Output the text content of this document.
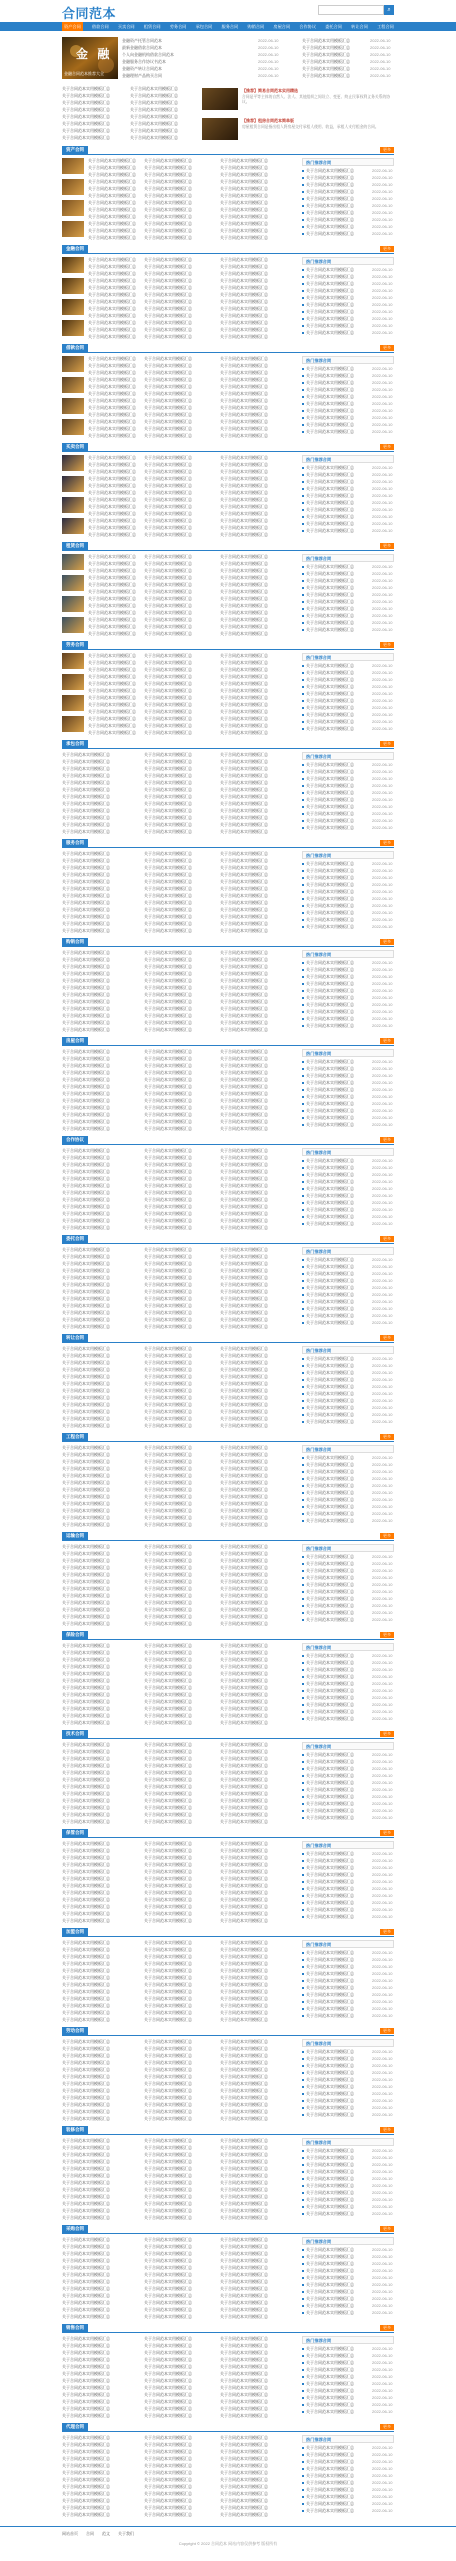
合同范本	⌕
资产合同	借款合同 买卖合同 租赁合同 劳务合同 承包合同 服务合同 购销合同 房屋合同 合作协议 委托合同 转让合同 工程合同
金 融
金融合同范本推荐大全
金融资产托管合同范本	2022-06-10	关于合同范本实用模板汇总	2022-06-10
最新金融借款合同范本	2022-06-10	关于合同范本实用模板汇总	2022-06-10
个人向金融机构借款合同范本	2022-06-10	关于合同范本实用模板汇总	2022-06-10
金融服务合作协议书范本	2022-06-10	关于合同范本实用模板汇总	2022-06-10
金融资产转让合同范本	2022-06-10	关于合同范本实用模板汇总	2022-06-10
金融理财产品购买合同	2022-06-10	关于合同范本实用模板汇总	2022-06-10
【推荐】简易合同范本实用精选
合同是平等主体的自然人、法人、其他组织之间设立、变更、终止民事权利义务关系的协议。
【推荐】租房合同范本简单版
房屋租赁合同是指出租人将房屋交付承租人使用、收益，承租人支付租金的合同。
资产合同	更多
关于合同范本实用模板汇总	关于合同范本实用模板汇总	关于合同范本实用模板汇总
关于合同范本实用模板汇总	关于合同范本实用模板汇总	关于合同范本实用模板汇总
关于合同范本实用模板汇总	关于合同范本实用模板汇总	关于合同范本实用模板汇总
关于合同范本实用模板汇总	关于合同范本实用模板汇总	关于合同范本实用模板汇总
关于合同范本实用模板汇总	关于合同范本实用模板汇总	关于合同范本实用模板汇总
关于合同范本实用模板汇总	关于合同范本实用模板汇总	关于合同范本实用模板汇总
关于合同范本实用模板汇总	关于合同范本实用模板汇总	关于合同范本实用模板汇总
关于合同范本实用模板汇总	关于合同范本实用模板汇总	关于合同范本实用模板汇总
关于合同范本实用模板汇总	关于合同范本实用模板汇总	关于合同范本实用模板汇总
关于合同范本实用模板汇总	关于合同范本实用模板汇总	关于合同范本实用模板汇总
关于合同范本实用模板汇总	关于合同范本实用模板汇总	关于合同范本实用模板汇总
关于合同范本实用模板汇总	关于合同范本实用模板汇总	关于合同范本实用模板汇总
热门推荐合同
关于合同范本实用模板汇总	2022-06-10
关于合同范本实用模板汇总	2022-06-10
关于合同范本实用模板汇总	2022-06-10
关于合同范本实用模板汇总	2022-06-10
关于合同范本实用模板汇总	2022-06-10
关于合同范本实用模板汇总	2022-06-10
关于合同范本实用模板汇总	2022-06-10
关于合同范本实用模板汇总	2022-06-10
关于合同范本实用模板汇总	2022-06-10
关于合同范本实用模板汇总	2022-06-10
金融合同	更多
关于合同范本实用模板汇总	关于合同范本实用模板汇总	关于合同范本实用模板汇总
关于合同范本实用模板汇总	关于合同范本实用模板汇总	关于合同范本实用模板汇总
关于合同范本实用模板汇总	关于合同范本实用模板汇总	关于合同范本实用模板汇总
关于合同范本实用模板汇总	关于合同范本实用模板汇总	关于合同范本实用模板汇总
关于合同范本实用模板汇总	关于合同范本实用模板汇总	关于合同范本实用模板汇总
关于合同范本实用模板汇总	关于合同范本实用模板汇总	关于合同范本实用模板汇总
关于合同范本实用模板汇总	关于合同范本实用模板汇总	关于合同范本实用模板汇总
关于合同范本实用模板汇总	关于合同范本实用模板汇总	关于合同范本实用模板汇总
关于合同范本实用模板汇总	关于合同范本实用模板汇总	关于合同范本实用模板汇总
关于合同范本实用模板汇总	关于合同范本实用模板汇总	关于合同范本实用模板汇总
关于合同范本实用模板汇总	关于合同范本实用模板汇总	关于合同范本实用模板汇总
关于合同范本实用模板汇总	关于合同范本实用模板汇总	关于合同范本实用模板汇总
热门推荐合同
关于合同范本实用模板汇总	2022-06-10
关于合同范本实用模板汇总	2022-06-10
关于合同范本实用模板汇总	2022-06-10
关于合同范本实用模板汇总	2022-06-10
关于合同范本实用模板汇总	2022-06-10
关于合同范本实用模板汇总	2022-06-10
关于合同范本实用模板汇总	2022-06-10
关于合同范本实用模板汇总	2022-06-10
关于合同范本实用模板汇总	2022-06-10
关于合同范本实用模板汇总	2022-06-10
借款合同	更多
关于合同范本实用模板汇总	关于合同范本实用模板汇总	关于合同范本实用模板汇总
关于合同范本实用模板汇总	关于合同范本实用模板汇总	关于合同范本实用模板汇总
关于合同范本实用模板汇总	关于合同范本实用模板汇总	关于合同范本实用模板汇总
关于合同范本实用模板汇总	关于合同范本实用模板汇总	关于合同范本实用模板汇总
关于合同范本实用模板汇总	关于合同范本实用模板汇总	关于合同范本实用模板汇总
关于合同范本实用模板汇总	关于合同范本实用模板汇总	关于合同范本实用模板汇总
关于合同范本实用模板汇总	关于合同范本实用模板汇总	关于合同范本实用模板汇总
关于合同范本实用模板汇总	关于合同范本实用模板汇总	关于合同范本实用模板汇总
关于合同范本实用模板汇总	关于合同范本实用模板汇总	关于合同范本实用模板汇总
关于合同范本实用模板汇总	关于合同范本实用模板汇总	关于合同范本实用模板汇总
关于合同范本实用模板汇总	关于合同范本实用模板汇总	关于合同范本实用模板汇总
关于合同范本实用模板汇总	关于合同范本实用模板汇总	关于合同范本实用模板汇总
热门推荐合同
关于合同范本实用模板汇总	2022-06-10
关于合同范本实用模板汇总	2022-06-10
关于合同范本实用模板汇总	2022-06-10
关于合同范本实用模板汇总	2022-06-10
关于合同范本实用模板汇总	2022-06-10
关于合同范本实用模板汇总	2022-06-10
关于合同范本实用模板汇总	2022-06-10
关于合同范本实用模板汇总	2022-06-10
关于合同范本实用模板汇总	2022-06-10
关于合同范本实用模板汇总	2022-06-10
买卖合同	更多
关于合同范本实用模板汇总	关于合同范本实用模板汇总	关于合同范本实用模板汇总
关于合同范本实用模板汇总	关于合同范本实用模板汇总	关于合同范本实用模板汇总
关于合同范本实用模板汇总	关于合同范本实用模板汇总	关于合同范本实用模板汇总
关于合同范本实用模板汇总	关于合同范本实用模板汇总	关于合同范本实用模板汇总
关于合同范本实用模板汇总	关于合同范本实用模板汇总	关于合同范本实用模板汇总
关于合同范本实用模板汇总	关于合同范本实用模板汇总	关于合同范本实用模板汇总
关于合同范本实用模板汇总	关于合同范本实用模板汇总	关于合同范本实用模板汇总
关于合同范本实用模板汇总	关于合同范本实用模板汇总	关于合同范本实用模板汇总
关于合同范本实用模板汇总	关于合同范本实用模板汇总	关于合同范本实用模板汇总
关于合同范本实用模板汇总	关于合同范本实用模板汇总	关于合同范本实用模板汇总
关于合同范本实用模板汇总	关于合同范本实用模板汇总	关于合同范本实用模板汇总
关于合同范本实用模板汇总	关于合同范本实用模板汇总	关于合同范本实用模板汇总
热门推荐合同
关于合同范本实用模板汇总	2022-06-10
关于合同范本实用模板汇总	2022-06-10
关于合同范本实用模板汇总	2022-06-10
关于合同范本实用模板汇总	2022-06-10
关于合同范本实用模板汇总	2022-06-10
关于合同范本实用模板汇总	2022-06-10
关于合同范本实用模板汇总	2022-06-10
关于合同范本实用模板汇总	2022-06-10
关于合同范本实用模板汇总	2022-06-10
关于合同范本实用模板汇总	2022-06-10
租赁合同	更多
关于合同范本实用模板汇总	关于合同范本实用模板汇总	关于合同范本实用模板汇总
关于合同范本实用模板汇总	关于合同范本实用模板汇总	关于合同范本实用模板汇总
关于合同范本实用模板汇总	关于合同范本实用模板汇总	关于合同范本实用模板汇总
关于合同范本实用模板汇总	关于合同范本实用模板汇总	关于合同范本实用模板汇总
关于合同范本实用模板汇总	关于合同范本实用模板汇总	关于合同范本实用模板汇总
关于合同范本实用模板汇总	关于合同范本实用模板汇总	关于合同范本实用模板汇总
关于合同范本实用模板汇总	关于合同范本实用模板汇总	关于合同范本实用模板汇总
关于合同范本实用模板汇总	关于合同范本实用模板汇总	关于合同范本实用模板汇总
关于合同范本实用模板汇总	关于合同范本实用模板汇总	关于合同范本实用模板汇总
关于合同范本实用模板汇总	关于合同范本实用模板汇总	关于合同范本实用模板汇总
关于合同范本实用模板汇总	关于合同范本实用模板汇总	关于合同范本实用模板汇总
关于合同范本实用模板汇总	关于合同范本实用模板汇总	关于合同范本实用模板汇总
热门推荐合同
关于合同范本实用模板汇总	2022-06-10
关于合同范本实用模板汇总	2022-06-10
关于合同范本实用模板汇总	2022-06-10
关于合同范本实用模板汇总	2022-06-10
关于合同范本实用模板汇总	2022-06-10
关于合同范本实用模板汇总	2022-06-10
关于合同范本实用模板汇总	2022-06-10
关于合同范本实用模板汇总	2022-06-10
关于合同范本实用模板汇总	2022-06-10
关于合同范本实用模板汇总	2022-06-10
劳务合同	更多
关于合同范本实用模板汇总	关于合同范本实用模板汇总	关于合同范本实用模板汇总
关于合同范本实用模板汇总	关于合同范本实用模板汇总	关于合同范本实用模板汇总
关于合同范本实用模板汇总	关于合同范本实用模板汇总	关于合同范本实用模板汇总
关于合同范本实用模板汇总	关于合同范本实用模板汇总	关于合同范本实用模板汇总
关于合同范本实用模板汇总	关于合同范本实用模板汇总	关于合同范本实用模板汇总
关于合同范本实用模板汇总	关于合同范本实用模板汇总	关于合同范本实用模板汇总
关于合同范本实用模板汇总	关于合同范本实用模板汇总	关于合同范本实用模板汇总
关于合同范本实用模板汇总	关于合同范本实用模板汇总	关于合同范本实用模板汇总
关于合同范本实用模板汇总	关于合同范本实用模板汇总	关于合同范本实用模板汇总
关于合同范本实用模板汇总	关于合同范本实用模板汇总	关于合同范本实用模板汇总
关于合同范本实用模板汇总	关于合同范本实用模板汇总	关于合同范本实用模板汇总
关于合同范本实用模板汇总	关于合同范本实用模板汇总	关于合同范本实用模板汇总
热门推荐合同
关于合同范本实用模板汇总	2022-06-10
关于合同范本实用模板汇总	2022-06-10
关于合同范本实用模板汇总	2022-06-10
关于合同范本实用模板汇总	2022-06-10
关于合同范本实用模板汇总	2022-06-10
关于合同范本实用模板汇总	2022-06-10
关于合同范本实用模板汇总	2022-06-10
关于合同范本实用模板汇总	2022-06-10
关于合同范本实用模板汇总	2022-06-10
关于合同范本实用模板汇总	2022-06-10
承包合同	更多
关于合同范本实用模板汇总	关于合同范本实用模板汇总	关于合同范本实用模板汇总
关于合同范本实用模板汇总	关于合同范本实用模板汇总	关于合同范本实用模板汇总
关于合同范本实用模板汇总	关于合同范本实用模板汇总	关于合同范本实用模板汇总
关于合同范本实用模板汇总	关于合同范本实用模板汇总	关于合同范本实用模板汇总
关于合同范本实用模板汇总	关于合同范本实用模板汇总	关于合同范本实用模板汇总
关于合同范本实用模板汇总	关于合同范本实用模板汇总	关于合同范本实用模板汇总
关于合同范本实用模板汇总	关于合同范本实用模板汇总	关于合同范本实用模板汇总
关于合同范本实用模板汇总	关于合同范本实用模板汇总	关于合同范本实用模板汇总
关于合同范本实用模板汇总	关于合同范本实用模板汇总	关于合同范本实用模板汇总
关于合同范本实用模板汇总	关于合同范本实用模板汇总	关于合同范本实用模板汇总
关于合同范本实用模板汇总	关于合同范本实用模板汇总	关于合同范本实用模板汇总
关于合同范本实用模板汇总	关于合同范本实用模板汇总	关于合同范本实用模板汇总
热门推荐合同
关于合同范本实用模板汇总	2022-06-10
关于合同范本实用模板汇总	2022-06-10
关于合同范本实用模板汇总	2022-06-10
关于合同范本实用模板汇总	2022-06-10
关于合同范本实用模板汇总	2022-06-10
关于合同范本实用模板汇总	2022-06-10
关于合同范本实用模板汇总	2022-06-10
关于合同范本实用模板汇总	2022-06-10
关于合同范本实用模板汇总	2022-06-10
关于合同范本实用模板汇总	2022-06-10
服务合同	更多
关于合同范本实用模板汇总	关于合同范本实用模板汇总	关于合同范本实用模板汇总
关于合同范本实用模板汇总	关于合同范本实用模板汇总	关于合同范本实用模板汇总
关于合同范本实用模板汇总	关于合同范本实用模板汇总	关于合同范本实用模板汇总
关于合同范本实用模板汇总	关于合同范本实用模板汇总	关于合同范本实用模板汇总
关于合同范本实用模板汇总	关于合同范本实用模板汇总	关于合同范本实用模板汇总
关于合同范本实用模板汇总	关于合同范本实用模板汇总	关于合同范本实用模板汇总
关于合同范本实用模板汇总	关于合同范本实用模板汇总	关于合同范本实用模板汇总
关于合同范本实用模板汇总	关于合同范本实用模板汇总	关于合同范本实用模板汇总
关于合同范本实用模板汇总	关于合同范本实用模板汇总	关于合同范本实用模板汇总
关于合同范本实用模板汇总	关于合同范本实用模板汇总	关于合同范本实用模板汇总
关于合同范本实用模板汇总	关于合同范本实用模板汇总	关于合同范本实用模板汇总
关于合同范本实用模板汇总	关于合同范本实用模板汇总	关于合同范本实用模板汇总
热门推荐合同
关于合同范本实用模板汇总	2022-06-10
关于合同范本实用模板汇总	2022-06-10
关于合同范本实用模板汇总	2022-06-10
关于合同范本实用模板汇总	2022-06-10
关于合同范本实用模板汇总	2022-06-10
关于合同范本实用模板汇总	2022-06-10
关于合同范本实用模板汇总	2022-06-10
关于合同范本实用模板汇总	2022-06-10
关于合同范本实用模板汇总	2022-06-10
关于合同范本实用模板汇总	2022-06-10
购销合同	更多
关于合同范本实用模板汇总	关于合同范本实用模板汇总	关于合同范本实用模板汇总
关于合同范本实用模板汇总	关于合同范本实用模板汇总	关于合同范本实用模板汇总
关于合同范本实用模板汇总	关于合同范本实用模板汇总	关于合同范本实用模板汇总
关于合同范本实用模板汇总	关于合同范本实用模板汇总	关于合同范本实用模板汇总
关于合同范本实用模板汇总	关于合同范本实用模板汇总	关于合同范本实用模板汇总
关于合同范本实用模板汇总	关于合同范本实用模板汇总	关于合同范本实用模板汇总
关于合同范本实用模板汇总	关于合同范本实用模板汇总	关于合同范本实用模板汇总
关于合同范本实用模板汇总	关于合同范本实用模板汇总	关于合同范本实用模板汇总
关于合同范本实用模板汇总	关于合同范本实用模板汇总	关于合同范本实用模板汇总
关于合同范本实用模板汇总	关于合同范本实用模板汇总	关于合同范本实用模板汇总
关于合同范本实用模板汇总	关于合同范本实用模板汇总	关于合同范本实用模板汇总
关于合同范本实用模板汇总	关于合同范本实用模板汇总	关于合同范本实用模板汇总
热门推荐合同
关于合同范本实用模板汇总	2022-06-10
关于合同范本实用模板汇总	2022-06-10
关于合同范本实用模板汇总	2022-06-10
关于合同范本实用模板汇总	2022-06-10
关于合同范本实用模板汇总	2022-06-10
关于合同范本实用模板汇总	2022-06-10
关于合同范本实用模板汇总	2022-06-10
关于合同范本实用模板汇总	2022-06-10
关于合同范本实用模板汇总	2022-06-10
关于合同范本实用模板汇总	2022-06-10
房屋合同	更多
关于合同范本实用模板汇总	关于合同范本实用模板汇总	关于合同范本实用模板汇总
关于合同范本实用模板汇总	关于合同范本实用模板汇总	关于合同范本实用模板汇总
关于合同范本实用模板汇总	关于合同范本实用模板汇总	关于合同范本实用模板汇总
关于合同范本实用模板汇总	关于合同范本实用模板汇总	关于合同范本实用模板汇总
关于合同范本实用模板汇总	关于合同范本实用模板汇总	关于合同范本实用模板汇总
关于合同范本实用模板汇总	关于合同范本实用模板汇总	关于合同范本实用模板汇总
关于合同范本实用模板汇总	关于合同范本实用模板汇总	关于合同范本实用模板汇总
关于合同范本实用模板汇总	关于合同范本实用模板汇总	关于合同范本实用模板汇总
关于合同范本实用模板汇总	关于合同范本实用模板汇总	关于合同范本实用模板汇总
关于合同范本实用模板汇总	关于合同范本实用模板汇总	关于合同范本实用模板汇总
关于合同范本实用模板汇总	关于合同范本实用模板汇总	关于合同范本实用模板汇总
关于合同范本实用模板汇总	关于合同范本实用模板汇总	关于合同范本实用模板汇总
热门推荐合同
关于合同范本实用模板汇总	2022-06-10
关于合同范本实用模板汇总	2022-06-10
关于合同范本实用模板汇总	2022-06-10
关于合同范本实用模板汇总	2022-06-10
关于合同范本实用模板汇总	2022-06-10
关于合同范本实用模板汇总	2022-06-10
关于合同范本实用模板汇总	2022-06-10
关于合同范本实用模板汇总	2022-06-10
关于合同范本实用模板汇总	2022-06-10
关于合同范本实用模板汇总	2022-06-10
合作协议	更多
关于合同范本实用模板汇总	关于合同范本实用模板汇总	关于合同范本实用模板汇总
关于合同范本实用模板汇总	关于合同范本实用模板汇总	关于合同范本实用模板汇总
关于合同范本实用模板汇总	关于合同范本实用模板汇总	关于合同范本实用模板汇总
关于合同范本实用模板汇总	关于合同范本实用模板汇总	关于合同范本实用模板汇总
关于合同范本实用模板汇总	关于合同范本实用模板汇总	关于合同范本实用模板汇总
关于合同范本实用模板汇总	关于合同范本实用模板汇总	关于合同范本实用模板汇总
关于合同范本实用模板汇总	关于合同范本实用模板汇总	关于合同范本实用模板汇总
关于合同范本实用模板汇总	关于合同范本实用模板汇总	关于合同范本实用模板汇总
关于合同范本实用模板汇总	关于合同范本实用模板汇总	关于合同范本实用模板汇总
关于合同范本实用模板汇总	关于合同范本实用模板汇总	关于合同范本实用模板汇总
关于合同范本实用模板汇总	关于合同范本实用模板汇总	关于合同范本实用模板汇总
关于合同范本实用模板汇总	关于合同范本实用模板汇总	关于合同范本实用模板汇总
热门推荐合同
关于合同范本实用模板汇总	2022-06-10
关于合同范本实用模板汇总	2022-06-10
关于合同范本实用模板汇总	2022-06-10
关于合同范本实用模板汇总	2022-06-10
关于合同范本实用模板汇总	2022-06-10
关于合同范本实用模板汇总	2022-06-10
关于合同范本实用模板汇总	2022-06-10
关于合同范本实用模板汇总	2022-06-10
关于合同范本实用模板汇总	2022-06-10
关于合同范本实用模板汇总	2022-06-10
委托合同	更多
关于合同范本实用模板汇总	关于合同范本实用模板汇总	关于合同范本实用模板汇总
关于合同范本实用模板汇总	关于合同范本实用模板汇总	关于合同范本实用模板汇总
关于合同范本实用模板汇总	关于合同范本实用模板汇总	关于合同范本实用模板汇总
关于合同范本实用模板汇总	关于合同范本实用模板汇总	关于合同范本实用模板汇总
关于合同范本实用模板汇总	关于合同范本实用模板汇总	关于合同范本实用模板汇总
关于合同范本实用模板汇总	关于合同范本实用模板汇总	关于合同范本实用模板汇总
关于合同范本实用模板汇总	关于合同范本实用模板汇总	关于合同范本实用模板汇总
关于合同范本实用模板汇总	关于合同范本实用模板汇总	关于合同范本实用模板汇总
关于合同范本实用模板汇总	关于合同范本实用模板汇总	关于合同范本实用模板汇总
关于合同范本实用模板汇总	关于合同范本实用模板汇总	关于合同范本实用模板汇总
关于合同范本实用模板汇总	关于合同范本实用模板汇总	关于合同范本实用模板汇总
关于合同范本实用模板汇总	关于合同范本实用模板汇总	关于合同范本实用模板汇总
热门推荐合同
关于合同范本实用模板汇总	2022-06-10
关于合同范本实用模板汇总	2022-06-10
关于合同范本实用模板汇总	2022-06-10
关于合同范本实用模板汇总	2022-06-10
关于合同范本实用模板汇总	2022-06-10
关于合同范本实用模板汇总	2022-06-10
关于合同范本实用模板汇总	2022-06-10
关于合同范本实用模板汇总	2022-06-10
关于合同范本实用模板汇总	2022-06-10
关于合同范本实用模板汇总	2022-06-10
转让合同	更多
关于合同范本实用模板汇总	关于合同范本实用模板汇总	关于合同范本实用模板汇总
关于合同范本实用模板汇总	关于合同范本实用模板汇总	关于合同范本实用模板汇总
关于合同范本实用模板汇总	关于合同范本实用模板汇总	关于合同范本实用模板汇总
关于合同范本实用模板汇总	关于合同范本实用模板汇总	关于合同范本实用模板汇总
关于合同范本实用模板汇总	关于合同范本实用模板汇总	关于合同范本实用模板汇总
关于合同范本实用模板汇总	关于合同范本实用模板汇总	关于合同范本实用模板汇总
关于合同范本实用模板汇总	关于合同范本实用模板汇总	关于合同范本实用模板汇总
关于合同范本实用模板汇总	关于合同范本实用模板汇总	关于合同范本实用模板汇总
关于合同范本实用模板汇总	关于合同范本实用模板汇总	关于合同范本实用模板汇总
关于合同范本实用模板汇总	关于合同范本实用模板汇总	关于合同范本实用模板汇总
关于合同范本实用模板汇总	关于合同范本实用模板汇总	关于合同范本实用模板汇总
关于合同范本实用模板汇总	关于合同范本实用模板汇总	关于合同范本实用模板汇总
热门推荐合同
关于合同范本实用模板汇总	2022-06-10
关于合同范本实用模板汇总	2022-06-10
关于合同范本实用模板汇总	2022-06-10
关于合同范本实用模板汇总	2022-06-10
关于合同范本实用模板汇总	2022-06-10
关于合同范本实用模板汇总	2022-06-10
关于合同范本实用模板汇总	2022-06-10
关于合同范本实用模板汇总	2022-06-10
关于合同范本实用模板汇总	2022-06-10
关于合同范本实用模板汇总	2022-06-10
工程合同	更多
关于合同范本实用模板汇总	关于合同范本实用模板汇总	关于合同范本实用模板汇总
关于合同范本实用模板汇总	关于合同范本实用模板汇总	关于合同范本实用模板汇总
关于合同范本实用模板汇总	关于合同范本实用模板汇总	关于合同范本实用模板汇总
关于合同范本实用模板汇总	关于合同范本实用模板汇总	关于合同范本实用模板汇总
关于合同范本实用模板汇总	关于合同范本实用模板汇总	关于合同范本实用模板汇总
关于合同范本实用模板汇总	关于合同范本实用模板汇总	关于合同范本实用模板汇总
关于合同范本实用模板汇总	关于合同范本实用模板汇总	关于合同范本实用模板汇总
关于合同范本实用模板汇总	关于合同范本实用模板汇总	关于合同范本实用模板汇总
关于合同范本实用模板汇总	关于合同范本实用模板汇总	关于合同范本实用模板汇总
关于合同范本实用模板汇总	关于合同范本实用模板汇总	关于合同范本实用模板汇总
关于合同范本实用模板汇总	关于合同范本实用模板汇总	关于合同范本实用模板汇总
关于合同范本实用模板汇总	关于合同范本实用模板汇总	关于合同范本实用模板汇总
热门推荐合同
关于合同范本实用模板汇总	2022-06-10
关于合同范本实用模板汇总	2022-06-10
关于合同范本实用模板汇总	2022-06-10
关于合同范本实用模板汇总	2022-06-10
关于合同范本实用模板汇总	2022-06-10
关于合同范本实用模板汇总	2022-06-10
关于合同范本实用模板汇总	2022-06-10
关于合同范本实用模板汇总	2022-06-10
关于合同范本实用模板汇总	2022-06-10
关于合同范本实用模板汇总	2022-06-10
运输合同	更多
关于合同范本实用模板汇总	关于合同范本实用模板汇总	关于合同范本实用模板汇总
关于合同范本实用模板汇总	关于合同范本实用模板汇总	关于合同范本实用模板汇总
关于合同范本实用模板汇总	关于合同范本实用模板汇总	关于合同范本实用模板汇总
关于合同范本实用模板汇总	关于合同范本实用模板汇总	关于合同范本实用模板汇总
关于合同范本实用模板汇总	关于合同范本实用模板汇总	关于合同范本实用模板汇总
关于合同范本实用模板汇总	关于合同范本实用模板汇总	关于合同范本实用模板汇总
关于合同范本实用模板汇总	关于合同范本实用模板汇总	关于合同范本实用模板汇总
关于合同范本实用模板汇总	关于合同范本实用模板汇总	关于合同范本实用模板汇总
关于合同范本实用模板汇总	关于合同范本实用模板汇总	关于合同范本实用模板汇总
关于合同范本实用模板汇总	关于合同范本实用模板汇总	关于合同范本实用模板汇总
关于合同范本实用模板汇总	关于合同范本实用模板汇总	关于合同范本实用模板汇总
关于合同范本实用模板汇总	关于合同范本实用模板汇总	关于合同范本实用模板汇总
热门推荐合同
关于合同范本实用模板汇总	2022-06-10
关于合同范本实用模板汇总	2022-06-10
关于合同范本实用模板汇总	2022-06-10
关于合同范本实用模板汇总	2022-06-10
关于合同范本实用模板汇总	2022-06-10
关于合同范本实用模板汇总	2022-06-10
关于合同范本实用模板汇总	2022-06-10
关于合同范本实用模板汇总	2022-06-10
关于合同范本实用模板汇总	2022-06-10
关于合同范本实用模板汇总	2022-06-10
保险合同	更多
关于合同范本实用模板汇总	关于合同范本实用模板汇总	关于合同范本实用模板汇总
关于合同范本实用模板汇总	关于合同范本实用模板汇总	关于合同范本实用模板汇总
关于合同范本实用模板汇总	关于合同范本实用模板汇总	关于合同范本实用模板汇总
关于合同范本实用模板汇总	关于合同范本实用模板汇总	关于合同范本实用模板汇总
关于合同范本实用模板汇总	关于合同范本实用模板汇总	关于合同范本实用模板汇总
关于合同范本实用模板汇总	关于合同范本实用模板汇总	关于合同范本实用模板汇总
关于合同范本实用模板汇总	关于合同范本实用模板汇总	关于合同范本实用模板汇总
关于合同范本实用模板汇总	关于合同范本实用模板汇总	关于合同范本实用模板汇总
关于合同范本实用模板汇总	关于合同范本实用模板汇总	关于合同范本实用模板汇总
关于合同范本实用模板汇总	关于合同范本实用模板汇总	关于合同范本实用模板汇总
关于合同范本实用模板汇总	关于合同范本实用模板汇总	关于合同范本实用模板汇总
关于合同范本实用模板汇总	关于合同范本实用模板汇总	关于合同范本实用模板汇总
热门推荐合同
关于合同范本实用模板汇总	2022-06-10
关于合同范本实用模板汇总	2022-06-10
关于合同范本实用模板汇总	2022-06-10
关于合同范本实用模板汇总	2022-06-10
关于合同范本实用模板汇总	2022-06-10
关于合同范本实用模板汇总	2022-06-10
关于合同范本实用模板汇总	2022-06-10
关于合同范本实用模板汇总	2022-06-10
关于合同范本实用模板汇总	2022-06-10
关于合同范本实用模板汇总	2022-06-10
技术合同	更多
关于合同范本实用模板汇总	关于合同范本实用模板汇总	关于合同范本实用模板汇总
关于合同范本实用模板汇总	关于合同范本实用模板汇总	关于合同范本实用模板汇总
关于合同范本实用模板汇总	关于合同范本实用模板汇总	关于合同范本实用模板汇总
关于合同范本实用模板汇总	关于合同范本实用模板汇总	关于合同范本实用模板汇总
关于合同范本实用模板汇总	关于合同范本实用模板汇总	关于合同范本实用模板汇总
关于合同范本实用模板汇总	关于合同范本实用模板汇总	关于合同范本实用模板汇总
关于合同范本实用模板汇总	关于合同范本实用模板汇总	关于合同范本实用模板汇总
关于合同范本实用模板汇总	关于合同范本实用模板汇总	关于合同范本实用模板汇总
关于合同范本实用模板汇总	关于合同范本实用模板汇总	关于合同范本实用模板汇总
关于合同范本实用模板汇总	关于合同范本实用模板汇总	关于合同范本实用模板汇总
关于合同范本实用模板汇总	关于合同范本实用模板汇总	关于合同范本实用模板汇总
关于合同范本实用模板汇总	关于合同范本实用模板汇总	关于合同范本实用模板汇总
热门推荐合同
关于合同范本实用模板汇总	2022-06-10
关于合同范本实用模板汇总	2022-06-10
关于合同范本实用模板汇总	2022-06-10
关于合同范本实用模板汇总	2022-06-10
关于合同范本实用模板汇总	2022-06-10
关于合同范本实用模板汇总	2022-06-10
关于合同范本实用模板汇总	2022-06-10
关于合同范本实用模板汇总	2022-06-10
关于合同范本实用模板汇总	2022-06-10
关于合同范本实用模板汇总	2022-06-10
保管合同	更多
关于合同范本实用模板汇总	关于合同范本实用模板汇总	关于合同范本实用模板汇总
关于合同范本实用模板汇总	关于合同范本实用模板汇总	关于合同范本实用模板汇总
关于合同范本实用模板汇总	关于合同范本实用模板汇总	关于合同范本实用模板汇总
关于合同范本实用模板汇总	关于合同范本实用模板汇总	关于合同范本实用模板汇总
关于合同范本实用模板汇总	关于合同范本实用模板汇总	关于合同范本实用模板汇总
关于合同范本实用模板汇总	关于合同范本实用模板汇总	关于合同范本实用模板汇总
关于合同范本实用模板汇总	关于合同范本实用模板汇总	关于合同范本实用模板汇总
关于合同范本实用模板汇总	关于合同范本实用模板汇总	关于合同范本实用模板汇总
关于合同范本实用模板汇总	关于合同范本实用模板汇总	关于合同范本实用模板汇总
关于合同范本实用模板汇总	关于合同范本实用模板汇总	关于合同范本实用模板汇总
关于合同范本实用模板汇总	关于合同范本实用模板汇总	关于合同范本实用模板汇总
关于合同范本实用模板汇总	关于合同范本实用模板汇总	关于合同范本实用模板汇总
热门推荐合同
关于合同范本实用模板汇总	2022-06-10
关于合同范本实用模板汇总	2022-06-10
关于合同范本实用模板汇总	2022-06-10
关于合同范本实用模板汇总	2022-06-10
关于合同范本实用模板汇总	2022-06-10
关于合同范本实用模板汇总	2022-06-10
关于合同范本实用模板汇总	2022-06-10
关于合同范本实用模板汇总	2022-06-10
关于合同范本实用模板汇总	2022-06-10
关于合同范本实用模板汇总	2022-06-10
加盟合同	更多
关于合同范本实用模板汇总	关于合同范本实用模板汇总	关于合同范本实用模板汇总
关于合同范本实用模板汇总	关于合同范本实用模板汇总	关于合同范本实用模板汇总
关于合同范本实用模板汇总	关于合同范本实用模板汇总	关于合同范本实用模板汇总
关于合同范本实用模板汇总	关于合同范本实用模板汇总	关于合同范本实用模板汇总
关于合同范本实用模板汇总	关于合同范本实用模板汇总	关于合同范本实用模板汇总
关于合同范本实用模板汇总	关于合同范本实用模板汇总	关于合同范本实用模板汇总
关于合同范本实用模板汇总	关于合同范本实用模板汇总	关于合同范本实用模板汇总
关于合同范本实用模板汇总	关于合同范本实用模板汇总	关于合同范本实用模板汇总
关于合同范本实用模板汇总	关于合同范本实用模板汇总	关于合同范本实用模板汇总
关于合同范本实用模板汇总	关于合同范本实用模板汇总	关于合同范本实用模板汇总
关于合同范本实用模板汇总	关于合同范本实用模板汇总	关于合同范本实用模板汇总
关于合同范本实用模板汇总	关于合同范本实用模板汇总	关于合同范本实用模板汇总
热门推荐合同
关于合同范本实用模板汇总	2022-06-10
关于合同范本实用模板汇总	2022-06-10
关于合同范本实用模板汇总	2022-06-10
关于合同范本实用模板汇总	2022-06-10
关于合同范本实用模板汇总	2022-06-10
关于合同范本实用模板汇总	2022-06-10
关于合同范本实用模板汇总	2022-06-10
关于合同范本实用模板汇总	2022-06-10
关于合同范本实用模板汇总	2022-06-10
关于合同范本实用模板汇总	2022-06-10
劳动合同	更多
关于合同范本实用模板汇总	关于合同范本实用模板汇总	关于合同范本实用模板汇总
关于合同范本实用模板汇总	关于合同范本实用模板汇总	关于合同范本实用模板汇总
关于合同范本实用模板汇总	关于合同范本实用模板汇总	关于合同范本实用模板汇总
关于合同范本实用模板汇总	关于合同范本实用模板汇总	关于合同范本实用模板汇总
关于合同范本实用模板汇总	关于合同范本实用模板汇总	关于合同范本实用模板汇总
关于合同范本实用模板汇总	关于合同范本实用模板汇总	关于合同范本实用模板汇总
关于合同范本实用模板汇总	关于合同范本实用模板汇总	关于合同范本实用模板汇总
关于合同范本实用模板汇总	关于合同范本实用模板汇总	关于合同范本实用模板汇总
关于合同范本实用模板汇总	关于合同范本实用模板汇总	关于合同范本实用模板汇总
关于合同范本实用模板汇总	关于合同范本实用模板汇总	关于合同范本实用模板汇总
关于合同范本实用模板汇总	关于合同范本实用模板汇总	关于合同范本实用模板汇总
关于合同范本实用模板汇总	关于合同范本实用模板汇总	关于合同范本实用模板汇总
热门推荐合同
关于合同范本实用模板汇总	2022-06-10
关于合同范本实用模板汇总	2022-06-10
关于合同范本实用模板汇总	2022-06-10
关于合同范本实用模板汇总	2022-06-10
关于合同范本实用模板汇总	2022-06-10
关于合同范本实用模板汇总	2022-06-10
关于合同范本实用模板汇总	2022-06-10
关于合同范本实用模板汇总	2022-06-10
关于合同范本实用模板汇总	2022-06-10
关于合同范本实用模板汇总	2022-06-10
装修合同	更多
关于合同范本实用模板汇总	关于合同范本实用模板汇总	关于合同范本实用模板汇总
关于合同范本实用模板汇总	关于合同范本实用模板汇总	关于合同范本实用模板汇总
关于合同范本实用模板汇总	关于合同范本实用模板汇总	关于合同范本实用模板汇总
关于合同范本实用模板汇总	关于合同范本实用模板汇总	关于合同范本实用模板汇总
关于合同范本实用模板汇总	关于合同范本实用模板汇总	关于合同范本实用模板汇总
关于合同范本实用模板汇总	关于合同范本实用模板汇总	关于合同范本实用模板汇总
关于合同范本实用模板汇总	关于合同范本实用模板汇总	关于合同范本实用模板汇总
关于合同范本实用模板汇总	关于合同范本实用模板汇总	关于合同范本实用模板汇总
关于合同范本实用模板汇总	关于合同范本实用模板汇总	关于合同范本实用模板汇总
关于合同范本实用模板汇总	关于合同范本实用模板汇总	关于合同范本实用模板汇总
关于合同范本实用模板汇总	关于合同范本实用模板汇总	关于合同范本实用模板汇总
关于合同范本实用模板汇总	关于合同范本实用模板汇总	关于合同范本实用模板汇总
热门推荐合同
关于合同范本实用模板汇总	2022-06-10
关于合同范本实用模板汇总	2022-06-10
关于合同范本实用模板汇总	2022-06-10
关于合同范本实用模板汇总	2022-06-10
关于合同范本实用模板汇总	2022-06-10
关于合同范本实用模板汇总	2022-06-10
关于合同范本实用模板汇总	2022-06-10
关于合同范本实用模板汇总	2022-06-10
关于合同范本实用模板汇总	2022-06-10
关于合同范本实用模板汇总	2022-06-10
采购合同	更多
关于合同范本实用模板汇总	关于合同范本实用模板汇总	关于合同范本实用模板汇总
关于合同范本实用模板汇总	关于合同范本实用模板汇总	关于合同范本实用模板汇总
关于合同范本实用模板汇总	关于合同范本实用模板汇总	关于合同范本实用模板汇总
关于合同范本实用模板汇总	关于合同范本实用模板汇总	关于合同范本实用模板汇总
关于合同范本实用模板汇总	关于合同范本实用模板汇总	关于合同范本实用模板汇总
关于合同范本实用模板汇总	关于合同范本实用模板汇总	关于合同范本实用模板汇总
关于合同范本实用模板汇总	关于合同范本实用模板汇总	关于合同范本实用模板汇总
关于合同范本实用模板汇总	关于合同范本实用模板汇总	关于合同范本实用模板汇总
关于合同范本实用模板汇总	关于合同范本实用模板汇总	关于合同范本实用模板汇总
关于合同范本实用模板汇总	关于合同范本实用模板汇总	关于合同范本实用模板汇总
关于合同范本实用模板汇总	关于合同范本实用模板汇总	关于合同范本实用模板汇总
关于合同范本实用模板汇总	关于合同范本实用模板汇总	关于合同范本实用模板汇总
热门推荐合同
关于合同范本实用模板汇总	2022-06-10
关于合同范本实用模板汇总	2022-06-10
关于合同范本实用模板汇总	2022-06-10
关于合同范本实用模板汇总	2022-06-10
关于合同范本实用模板汇总	2022-06-10
关于合同范本实用模板汇总	2022-06-10
关于合同范本实用模板汇总	2022-06-10
关于合同范本实用模板汇总	2022-06-10
关于合同范本实用模板汇总	2022-06-10
关于合同范本实用模板汇总	2022-06-10
销售合同	更多
关于合同范本实用模板汇总	关于合同范本实用模板汇总	关于合同范本实用模板汇总
关于合同范本实用模板汇总	关于合同范本实用模板汇总	关于合同范本实用模板汇总
关于合同范本实用模板汇总	关于合同范本实用模板汇总	关于合同范本实用模板汇总
关于合同范本实用模板汇总	关于合同范本实用模板汇总	关于合同范本实用模板汇总
关于合同范本实用模板汇总	关于合同范本实用模板汇总	关于合同范本实用模板汇总
关于合同范本实用模板汇总	关于合同范本实用模板汇总	关于合同范本实用模板汇总
关于合同范本实用模板汇总	关于合同范本实用模板汇总	关于合同范本实用模板汇总
关于合同范本实用模板汇总	关于合同范本实用模板汇总	关于合同范本实用模板汇总
关于合同范本实用模板汇总	关于合同范本实用模板汇总	关于合同范本实用模板汇总
关于合同范本实用模板汇总	关于合同范本实用模板汇总	关于合同范本实用模板汇总
关于合同范本实用模板汇总	关于合同范本实用模板汇总	关于合同范本实用模板汇总
关于合同范本实用模板汇总	关于合同范本实用模板汇总	关于合同范本实用模板汇总
热门推荐合同
关于合同范本实用模板汇总	2022-06-10
关于合同范本实用模板汇总	2022-06-10
关于合同范本实用模板汇总	2022-06-10
关于合同范本实用模板汇总	2022-06-10
关于合同范本实用模板汇总	2022-06-10
关于合同范本实用模板汇总	2022-06-10
关于合同范本实用模板汇总	2022-06-10
关于合同范本实用模板汇总	2022-06-10
关于合同范本实用模板汇总	2022-06-10
关于合同范本实用模板汇总	2022-06-10
代理合同	更多
关于合同范本实用模板汇总	关于合同范本实用模板汇总	关于合同范本实用模板汇总
关于合同范本实用模板汇总	关于合同范本实用模板汇总	关于合同范本实用模板汇总
关于合同范本实用模板汇总	关于合同范本实用模板汇总	关于合同范本实用模板汇总
关于合同范本实用模板汇总	关于合同范本实用模板汇总	关于合同范本实用模板汇总
关于合同范本实用模板汇总	关于合同范本实用模板汇总	关于合同范本实用模板汇总
关于合同范本实用模板汇总	关于合同范本实用模板汇总	关于合同范本实用模板汇总
关于合同范本实用模板汇总	关于合同范本实用模板汇总	关于合同范本实用模板汇总
关于合同范本实用模板汇总	关于合同范本实用模板汇总	关于合同范本实用模板汇总
关于合同范本实用模板汇总	关于合同范本实用模板汇总	关于合同范本实用模板汇总
关于合同范本实用模板汇总	关于合同范本实用模板汇总	关于合同范本实用模板汇总
关于合同范本实用模板汇总	关于合同范本实用模板汇总	关于合同范本实用模板汇总
关于合同范本实用模板汇总	关于合同范本实用模板汇总	关于合同范本实用模板汇总
热门推荐合同
关于合同范本实用模板汇总	2022-06-10
关于合同范本实用模板汇总	2022-06-10
关于合同范本实用模板汇总	2022-06-10
关于合同范本实用模板汇总	2022-06-10
关于合同范本实用模板汇总	2022-06-10
关于合同范本实用模板汇总	2022-06-10
关于合同范本实用模板汇总	2022-06-10
关于合同范本实用模板汇总	2022-06-10
关于合同范本实用模板汇总	2022-06-10
关于合同范本实用模板汇总	2022-06-10
网站首页 合同 范文 关于我们
Copyright © 2022 合同范本 网站内容仅供参考 版权所有
关于合同范本实用模板汇总	关于合同范本实用模板汇总
关于合同范本实用模板汇总	关于合同范本实用模板汇总
关于合同范本实用模板汇总	关于合同范本实用模板汇总
关于合同范本实用模板汇总	关于合同范本实用模板汇总
关于合同范本实用模板汇总	关于合同范本实用模板汇总
关于合同范本实用模板汇总	关于合同范本实用模板汇总
关于合同范本实用模板汇总	关于合同范本实用模板汇总
关于合同范本实用模板汇总	关于合同范本实用模板汇总
